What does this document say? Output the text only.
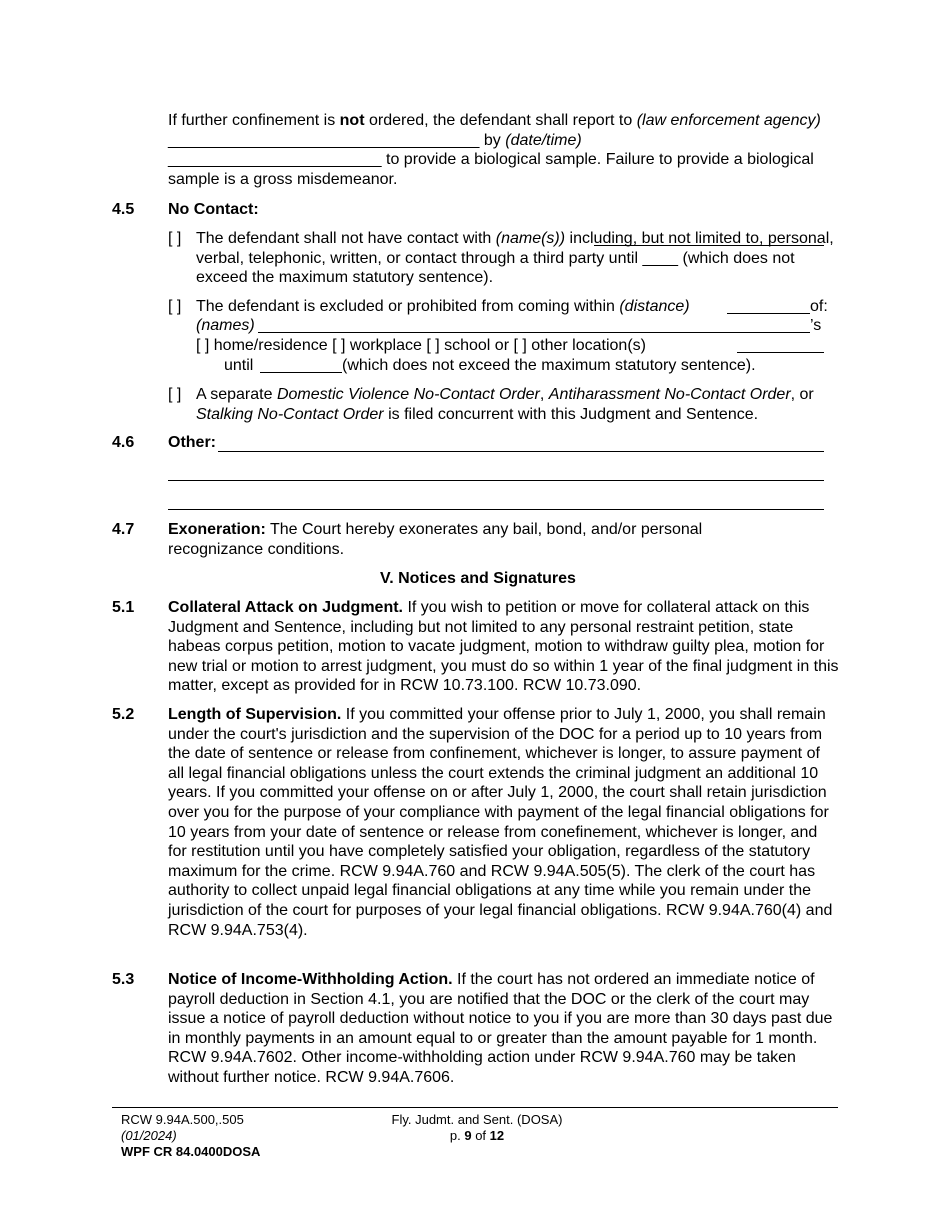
If further confinement is not ordered, the defendant shall report to (law enforcement agency) ___________________________________ by (date/time)
________________________ to provide a biological sample. Failure to provide a biological sample is a gross misdemeanor.
4.5 No Contact:
[ ] The defendant shall not have contact with (name(s)) including, but not limited to, personal, verbal, telephonic, written, or contact through a third party until ____ (which does not exceed the maximum statutory sentence).
[ ] The defendant is excluded or prohibited from coming within (distance)	of:
(names)	’s
[ ] home/residence [ ] workplace [ ] school or [ ] other location(s)
until	(which does not exceed the maximum statutory sentence).
[ ] A separate Domestic Violence No-Contact Order, Antiharassment No-Contact Order, or Stalking No-Contact Order is filed concurrent with this Judgment and Sentence.
4.6 Other:
4.7 Exoneration: The Court hereby exonerates any bail, bond, and/or personal recognizance conditions.
V. Notices and Signatures
5.1 Collateral Attack on Judgment. If you wish to petition or move for collateral attack on this Judgment and Sentence, including but not limited to any personal restraint petition, state habeas corpus petition, motion to vacate judgment, motion to withdraw guilty plea, motion for new trial or motion to arrest judgment, you must do so within 1 year of the final judgment in this matter, except as provided for in RCW 10.73.100. RCW 10.73.090.
5.2 Length of Supervision. If you committed your offense prior to July 1, 2000, you shall remain under the court's jurisdiction and the supervision of the DOC for a period up to 10 years from the date of sentence or release from confinement, whichever is longer, to assure payment of all legal financial obligations unless the court extends the criminal judgment an additional 10 years. If you committed your offense on or after July 1, 2000, the court shall retain jurisdiction over you for the purpose of your compliance with payment of the legal financial obligations for 10 years from your date of sentence or release from conefinement, whichever is longer, and for restitution until you have completely satisfied your obligation, regardless of the statutory maximum for the crime. RCW 9.94A.760 and RCW 9.94A.505(5). The clerk of the court has authority to collect unpaid legal financial obligations at any time while you remain under the jurisdiction of the court for purposes of your legal financial obligations. RCW 9.94A.760(4) and RCW 9.94A.753(4).
5.3 Notice of Income-Withholding Action. If the court has not ordered an immediate notice of payroll deduction in Section 4.1, you are notified that the DOC or the clerk of the court may issue a notice of payroll deduction without notice to you if you are more than 30 days past due in monthly payments in an amount equal to or greater than the amount payable for 1 month. RCW 9.94A.7602. Other income-withholding action under RCW 9.94A.760 may be taken without further notice. RCW 9.94A.7606.
RCW 9.94A.500,.505
(01/2024)
WPF CR 84.0400DOSA
Fly. Judmt. and Sent. (DOSA)
p. 9 of 12
